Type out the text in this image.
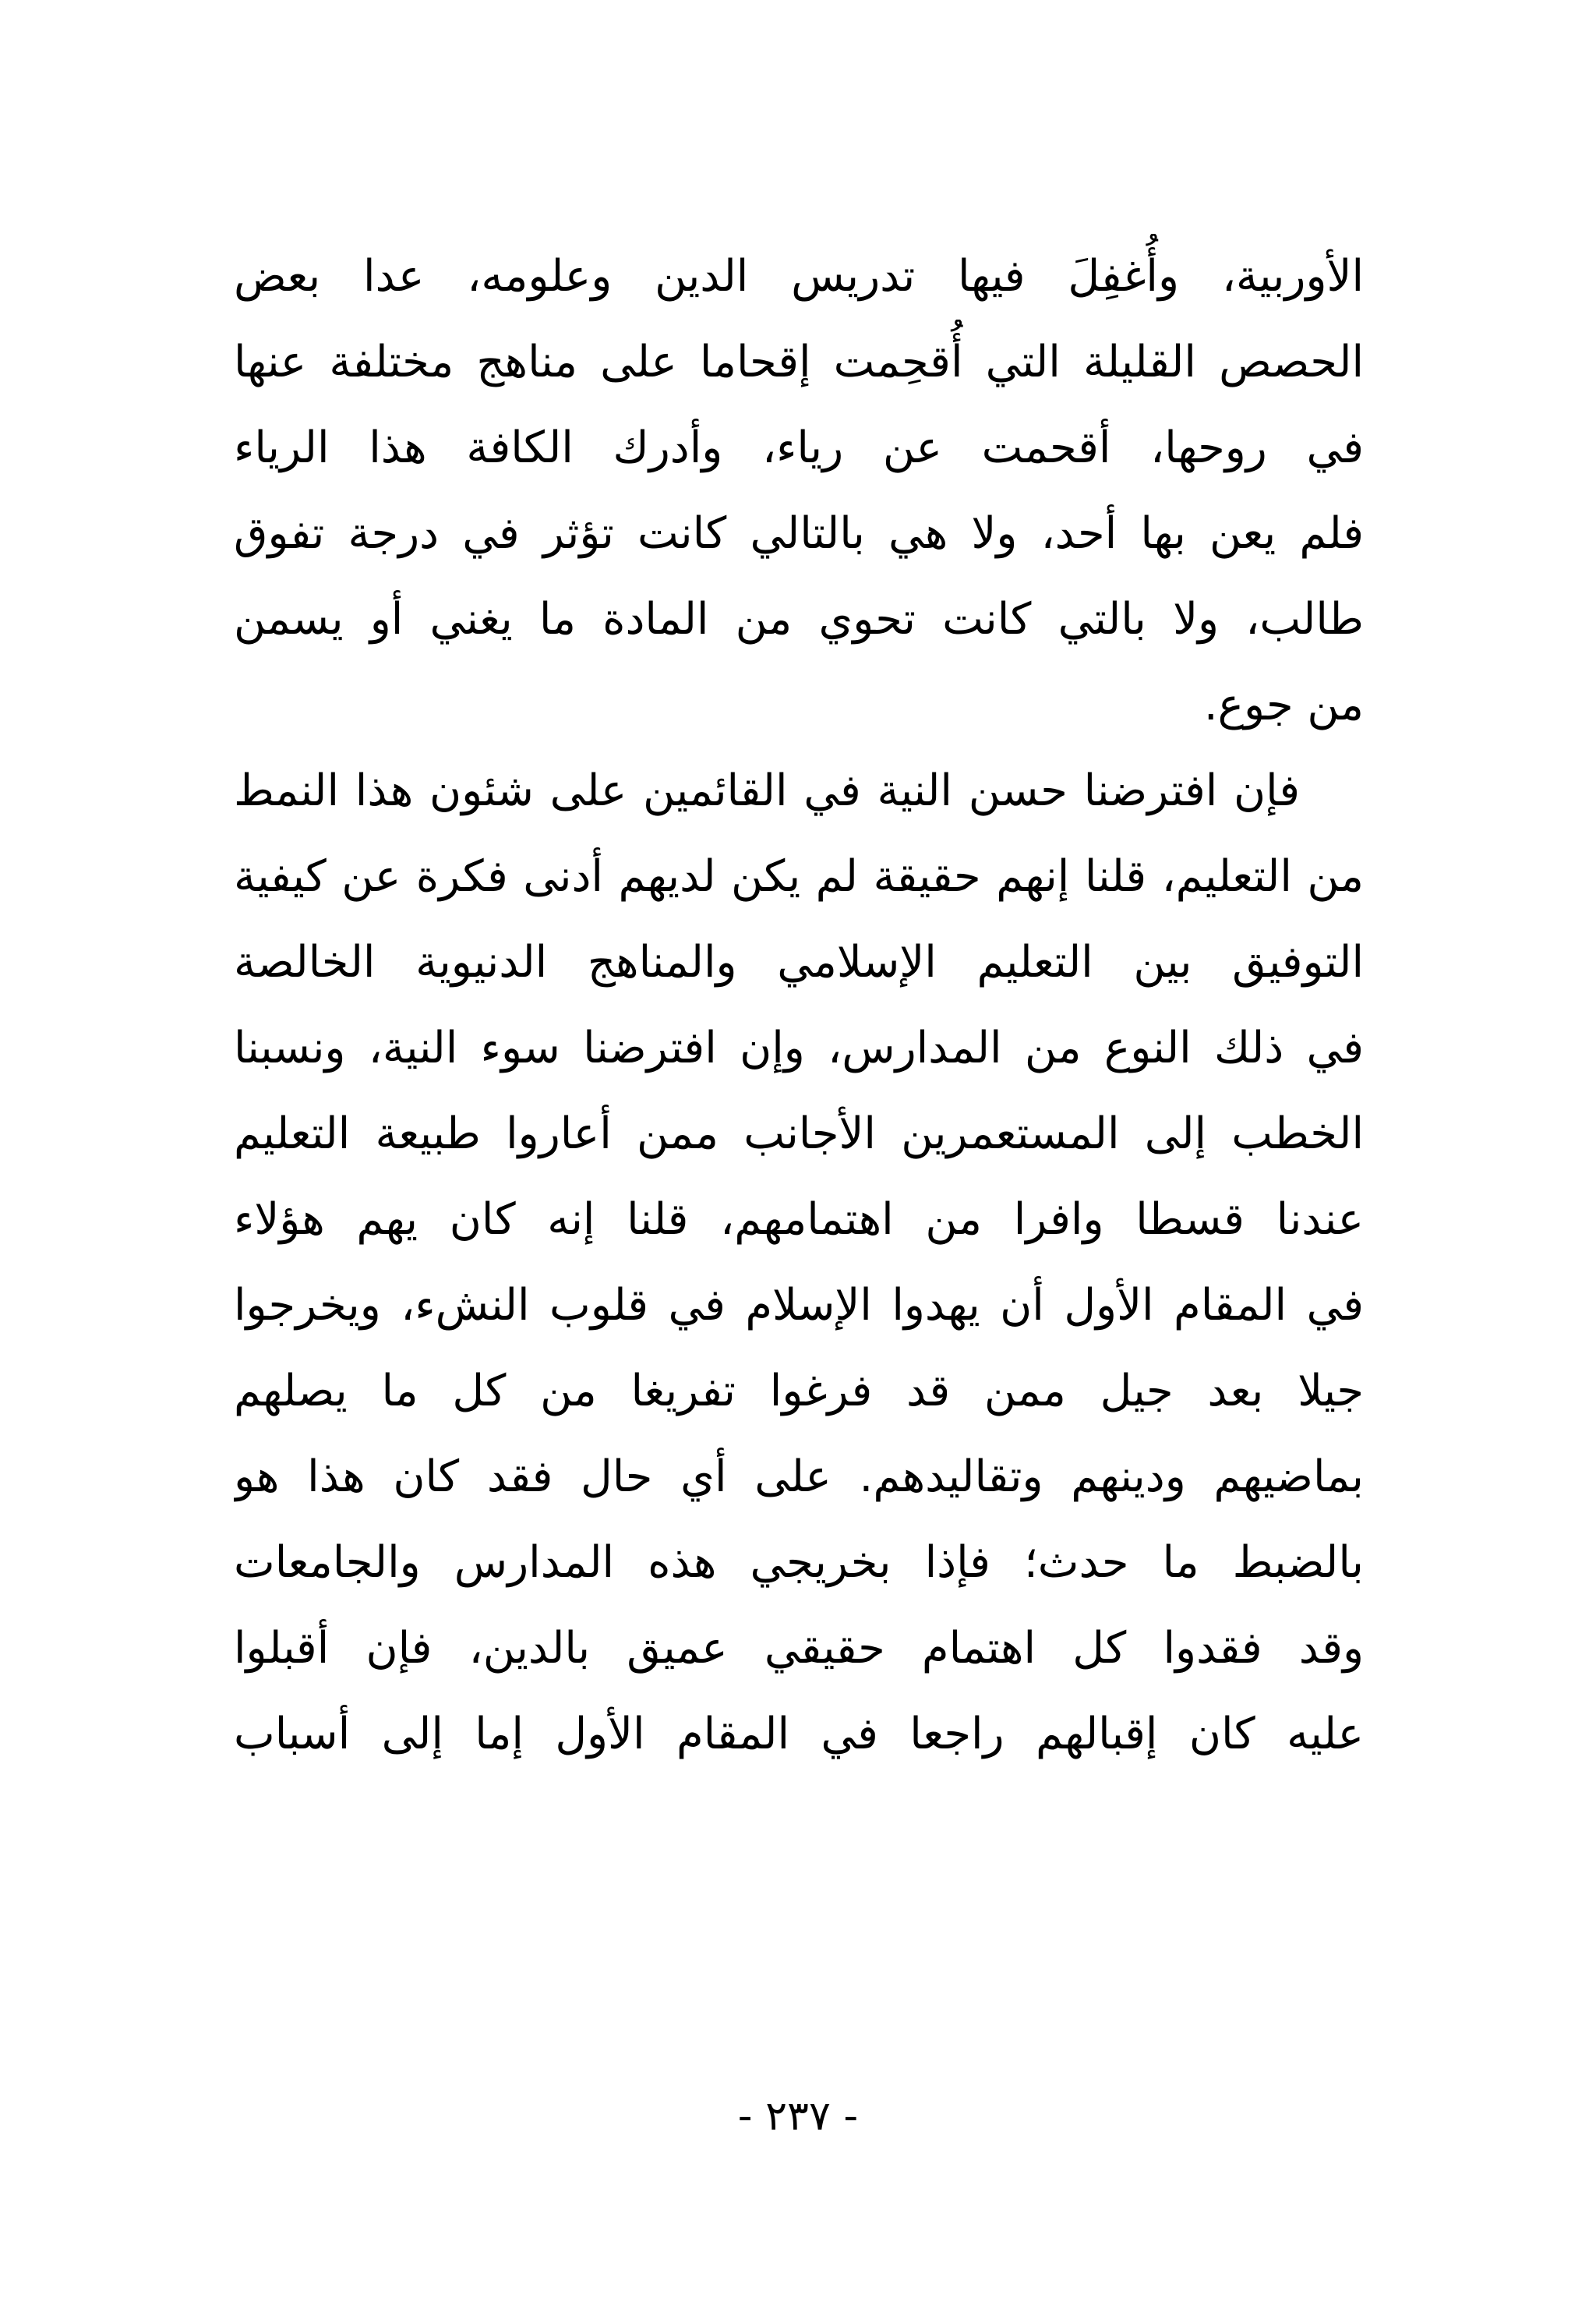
الأوربية، وأُغفِلَ فيها تدريس الدين وعلومه، عدا بعض
الحصص القليلة التي أُقحِمت إقحاما على مناهج مختلفة عنها
في روحها، أقحمت عن رياء، وأدرك الكافة هذا الرياء
فلم يعن بها أحد، ولا هي بالتالي كانت تؤثر في درجة تفوق
طالب، ولا بالتي كانت تحوي من المادة ما يغني أو يسمن
من جوع.
فإن افترضنا حسن النية في القائمين على شئون هذا النمط
من التعليم، قلنا إنهم حقيقة لم يكن لديهم أدنى فكرة عن كيفية
التوفيق بين التعليم الإسلامي والمناهج الدنيوية الخالصة
في ذلك النوع من المدارس، وإن افترضنا سوء النية، ونسبنا
الخطب إلى المستعمرين الأجانب ممن أعاروا طبيعة التعليم
عندنا قسطا وافرا من اهتمامهم، قلنا إنه كان يهم هؤلاء
في المقام الأول أن يهدوا الإسلام في قلوب النشء، ويخرجوا
جيلا بعد جيل ممن قد فرغوا تفريغا من كل ما يصلهم
بماضيهم ودينهم وتقاليدهم. على أي حال فقد كان هذا هو
بالضبط ما حدث؛ فإذا بخريجي هذه المدارس والجامعات
وقد فقدوا كل اهتمام حقيقي عميق بالدين، فإن أقبلوا
عليه كان إقبالهم راجعا في المقام الأول إما إلى أسباب
- ٢٣٧ -
